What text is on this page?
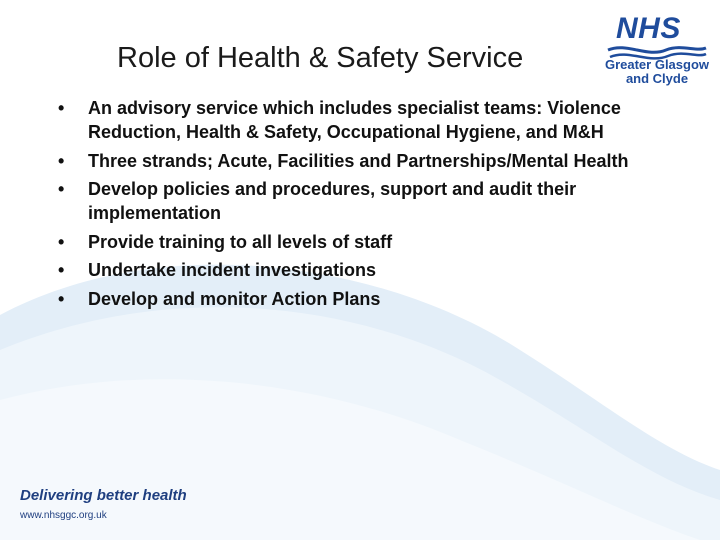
Role of Health & Safety Service
NHS
Greater Glasgow
and Clyde
• An advisory service which includes specialist teams: Violence Reduction, Health & Safety, Occupational Hygiene, and M&H
• Three strands; Acute, Facilities and Partnerships/Mental Health
• Develop policies and procedures, support and audit their implementation
• Provide training to all levels of staff
• Undertake incident investigations
• Develop and monitor Action Plans
Delivering better health
www.nhsggc.org.uk
